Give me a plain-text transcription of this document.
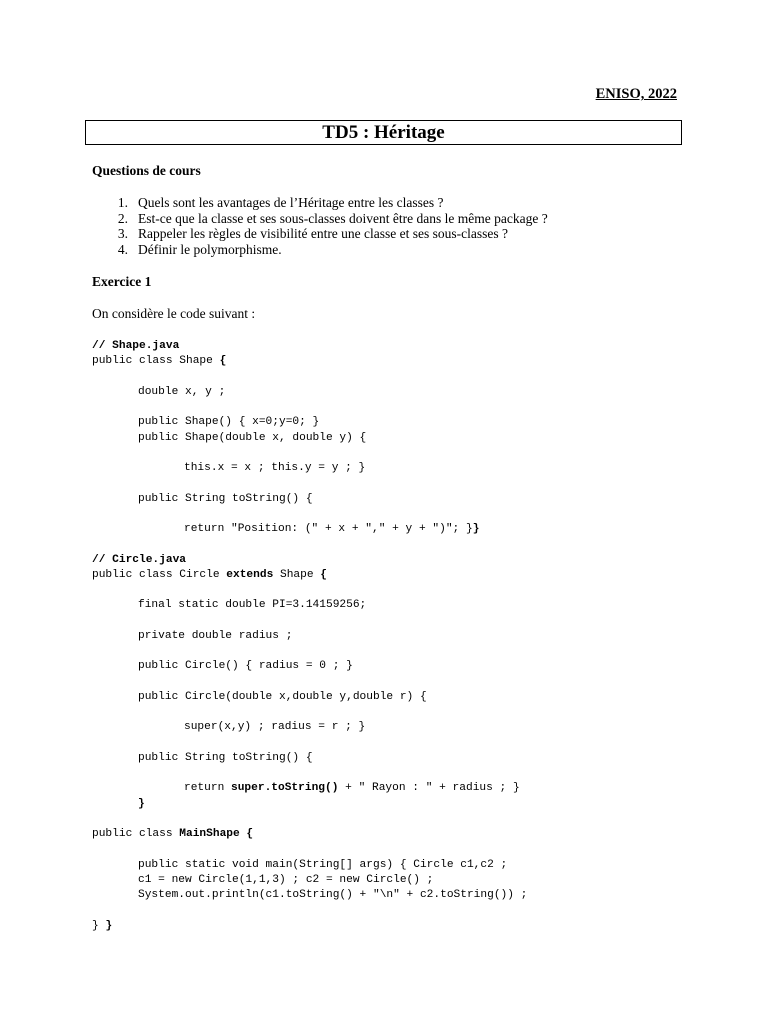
ENISO, 2022
TD5 : Héritage
Questions de cours
1. Quels sont les avantages de l’Héritage entre les classes ?
2. Est-ce que la classe et ses sous-classes doivent être dans le même package ?
3. Rappeler les règles de visibilité entre une classe et ses sous-classes ?
4. Définir le polymorphisme.
Exercice 1
On considère le code suivant :
// Shape.java
public class Shape {
double x, y ;
public Shape() { x=0;y=0; }
public Shape(double x, double y) {
this.x = x ; this.y = y ; }
public String toString() {
return "Position: (" + x + "," + y + ")"; }}
// Circle.java
public class Circle extends Shape {
final static double PI=3.14159256;
private double radius ;
public Circle() { radius = 0 ; }
public Circle(double x,double y,double r) {
super(x,y) ; radius = r ; }
public String toString() {
return super.toString() + " Rayon : " + radius ; }
}
public class MainShape {
public static void main(String[] args) { Circle c1,c2 ;
c1 = new Circle(1,1,3) ; c2 = new Circle() ;
System.out.println(c1.toString() + "\n" + c2.toString()) ;
} }
